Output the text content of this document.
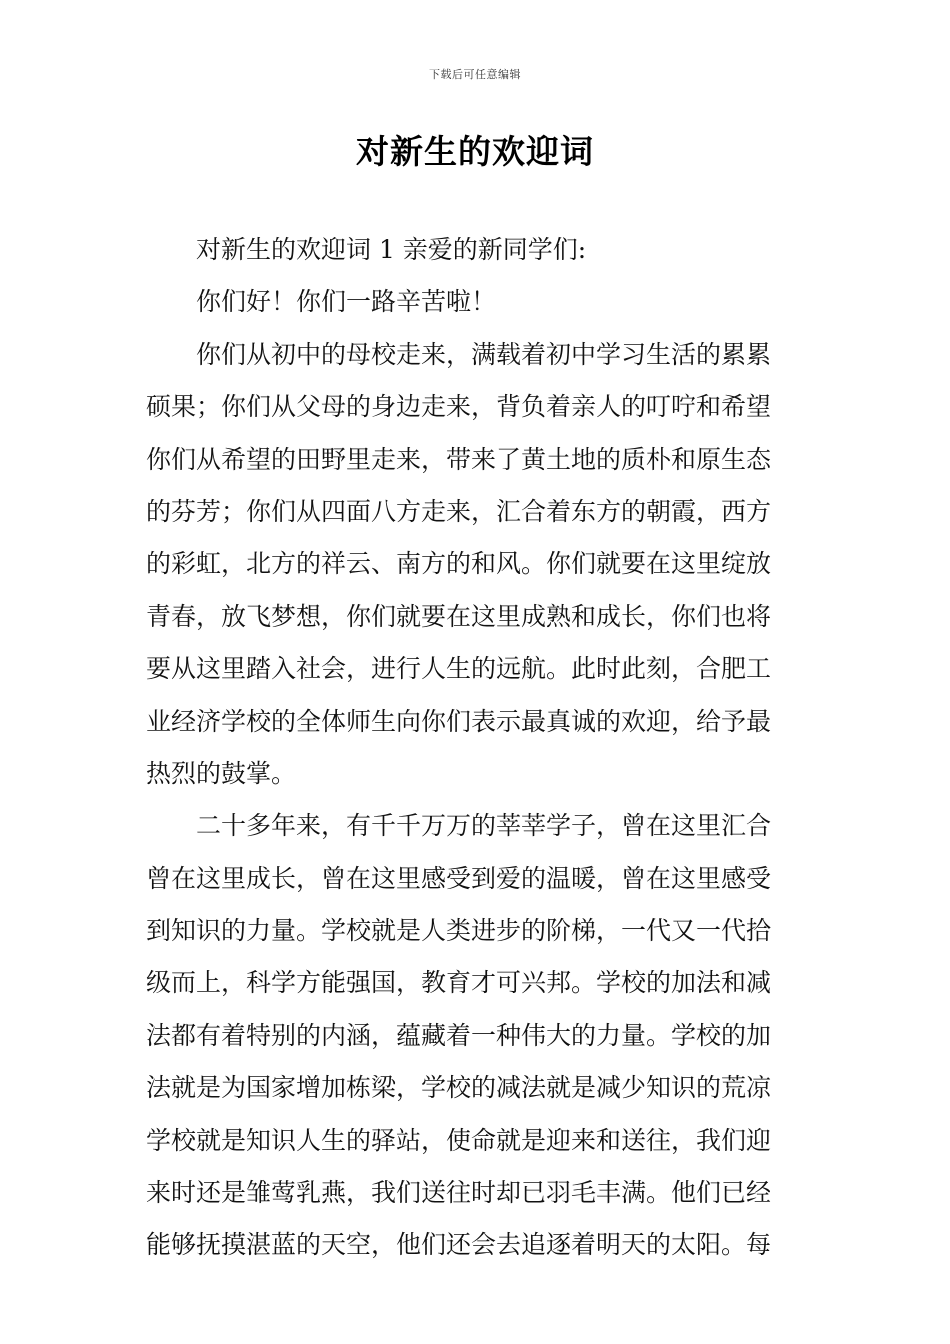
下载后可任意编辑
对新生的欢迎词
对新生的欢迎词 1 亲爱的新同学们:
你们好！你们一路辛苦啦！
你们从初中的母校走来，满载着初中学习生活的累累
硕果；你们从父母的身边走来，背负着亲人的叮咛和希望
你们从希望的田野里走来，带来了黄土地的质朴和原生态
的芬芳；你们从四面八方走来，汇合着东方的朝霞，西方
的彩虹，北方的祥云、南方的和风。你们就要在这里绽放
青春，放飞梦想，你们就要在这里成熟和成长，你们也将
要从这里踏入社会，进行人生的远航。此时此刻，合肥工
业经济学校的全体师生向你们表示最真诚的欢迎，给予最
热烈的鼓掌。
二十多年来，有千千万万的莘莘学子，曾在这里汇合
曾在这里成长，曾在这里感受到爱的温暖，曾在这里感受
到知识的力量。学校就是人类进步的阶梯，一代又一代拾
级而上，科学方能强国，教育才可兴邦。学校的加法和减
法都有着特别的内涵，蕴藏着一种伟大的力量。学校的加
法就是为国家增加栋梁，学校的减法就是减少知识的荒凉
学校就是知识人生的驿站，使命就是迎来和送往，我们迎
来时还是雏莺乳燕，我们送往时却已羽毛丰满。他们已经
能够抚摸湛蓝的天空，他们还会去追逐着明天的太阳。每
